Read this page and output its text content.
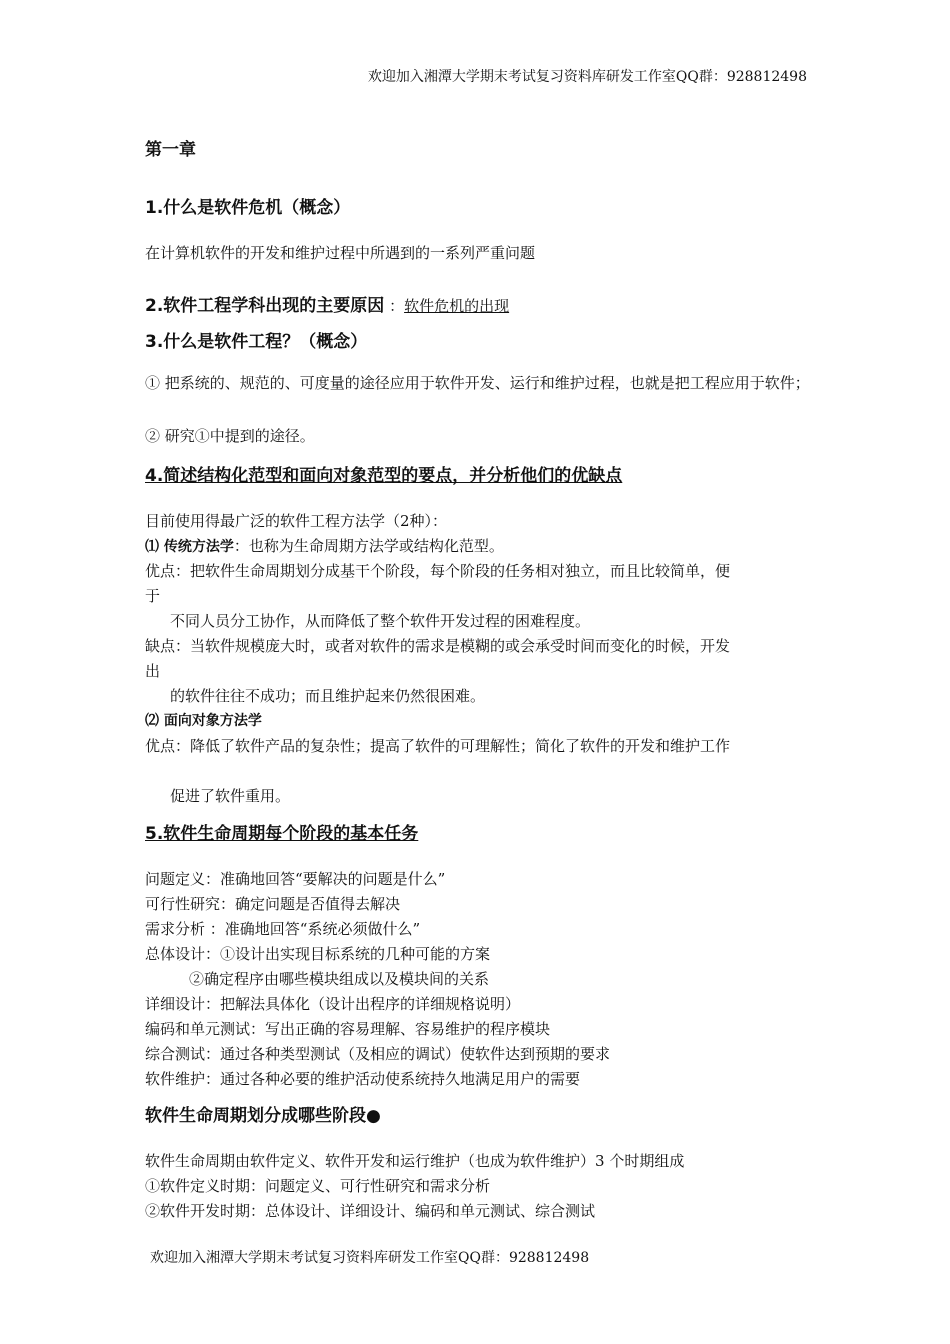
欢迎加入湘潭大学期末考试复习资料库研发工作室QQ群：928812498
第一章
1.什么是软件危机（概念）
在计算机软件的开发和维护过程中所遇到的一系列严重问题
2.软件工程学科出现的主要原因 ：软件危机的出现
3.什么是软件工程？（概念）
① 把系统的、规范的、可度量的途径应用于软件开发、运行和维护过程，也就是把工程应用于软件；
② 研究①中提到的途径。
4.简述结构化范型和面向对象范型的要点，并分析他们的优缺点
目前使用得最广泛的软件工程方法学（2种）：
⑴ 传统方法学：也称为生命周期方法学或结构化范型。
优点：把软件生命周期划分成基干个阶段，每个阶段的任务相对独立，而且比较简单，便
于
不同人员分工协作，从而降低了整个软件开发过程的困难程度。
缺点：当软件规模庞大时，或者对软件的需求是模糊的或会承受时间而变化的时候，开发
出
的软件往往不成功；而且维护起来仍然很困难。
⑵ 面向对象方法学
优点：降低了软件产品的复杂性；提高了软件的可理解性；简化了软件的开发和维护工作
促进了软件重用。
5.软件生命周期每个阶段的基本任务
问题定义：准确地回答“要解决的问题是什么”
可行性研究：确定问题是否值得去解决
需求分析 ：准确地回答“系统必须做什么”
总体设计：①设计出实现目标系统的几种可能的方案
②确定程序由哪些模块组成以及模块间的关系
详细设计：把解法具体化（设计出程序的详细规格说明）
编码和单元测试：写出正确的容易理解、容易维护的程序模块
综合测试：通过各种类型测试（及相应的调试）使软件达到预期的要求
软件维护：通过各种必要的维护活动使系统持久地满足用户的需要
软件生命周期划分成哪些阶段●
软件生命周期由软件定义、软件开发和运行维护（也成为软件维护）3 个时期组成
①软件定义时期：问题定义、可行性研究和需求分析
②软件开发时期：总体设计、详细设计、编码和单元测试、综合测试
欢迎加入湘潭大学期末考试复习资料库研发工作室QQ群：928812498
